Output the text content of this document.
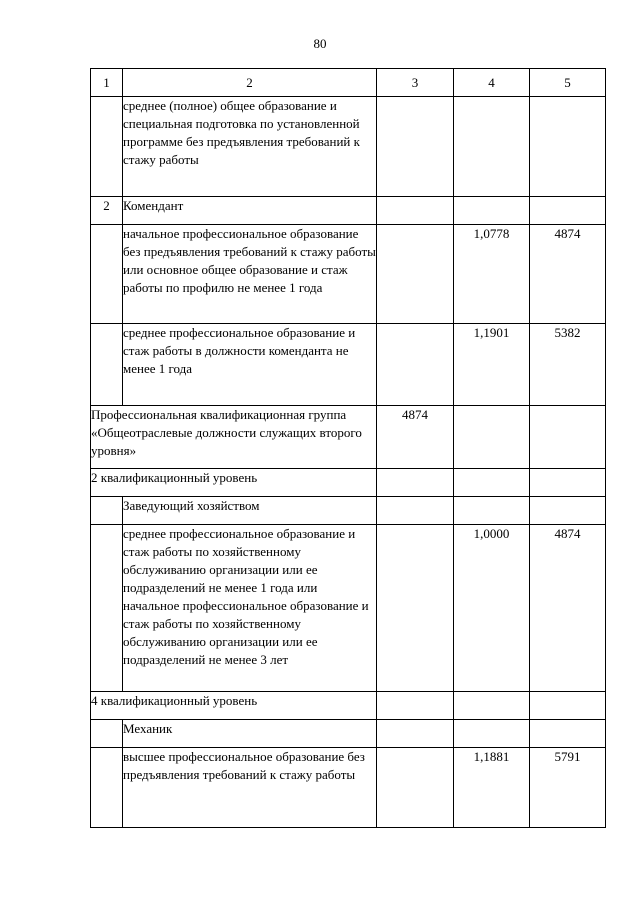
80
1	2	3	4	5
	среднее (полное) общее образование и специальная подготовка по установленной программе без предъявления требований к стажу работы			
2	Комендант			
	начальное профессиональное образование без предъявления требований к стажу работы или основное общее образование и стаж работы по профилю не менее 1 года		1,0778	4874
	среднее профессиональное образование и стаж работы в должности коменданта не менее 1 года		1,1901	5382
Профессиональная квалификационная группа «Общеотраслевые должности служащих второго уровня»		4874		
2 квалификационный уровень				
	Заведующий хозяйством			
	среднее профессиональное образование и стаж работы по хозяйственному обслуживанию организации или ее подразделений не менее 1 года или начальное профессиональное образование и стаж работы по хозяйственному обслуживанию организации или ее подразделений не менее 3 лет		1,0000	4874
4 квалификационный уровень				
	Механик			
	высшее профессиональное образование без предъявления требований к стажу работы		1,1881	5791
